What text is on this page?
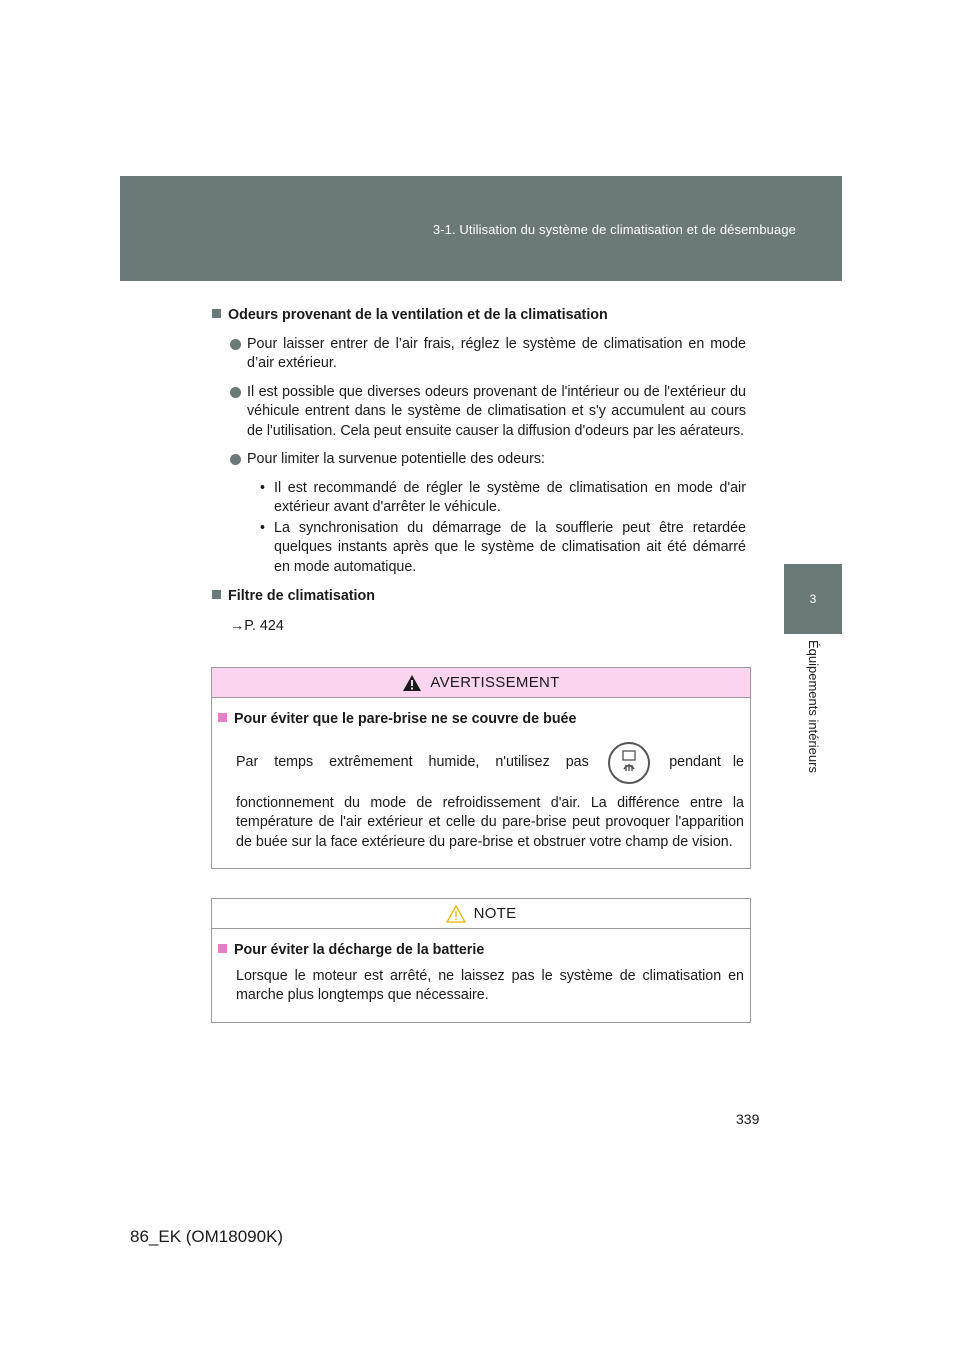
3-1. Utilisation du système de climatisation et de désembuage
3
Équipements intérieurs
Odeurs provenant de la ventilation et de la climatisation
Pour laisser entrer de l’air frais, réglez le système de climatisation en mode d’air extérieur.
Il est possible que diverses odeurs provenant de l'intérieur ou de l'extérieur du véhicule entrent dans le système de climatisation et s'y accumulent au cours de l'utilisation. Cela peut ensuite causer la diffusion d'odeurs par les aérateurs.
Pour limiter la survenue potentielle des odeurs:
• Il est recommandé de régler le système de climatisation en mode d'air extérieur avant d'arrêter le véhicule.
• La synchronisation du démarrage de la soufflerie peut être retardée quelques instants après que le système de climatisation ait été démarré en mode automatique.
Filtre de climatisation
→P. 424
AVERTISSEMENT
Pour éviter que le pare-brise ne se couvre de buée
Par temps extrêmement humide, n'utilisez pas	pendant le
fonctionnement du mode de refroidissement d'air. La différence entre la température de l'air extérieur et celle du pare-brise peut provoquer l'apparition de buée sur la face extérieure du pare-brise et obstruer votre champ de vision.
NOTE
Pour éviter la décharge de la batterie
Lorsque le moteur est arrêté, ne laissez pas le système de climatisation en marche plus longtemps que nécessaire.
339
86_EK (OM18090K)
